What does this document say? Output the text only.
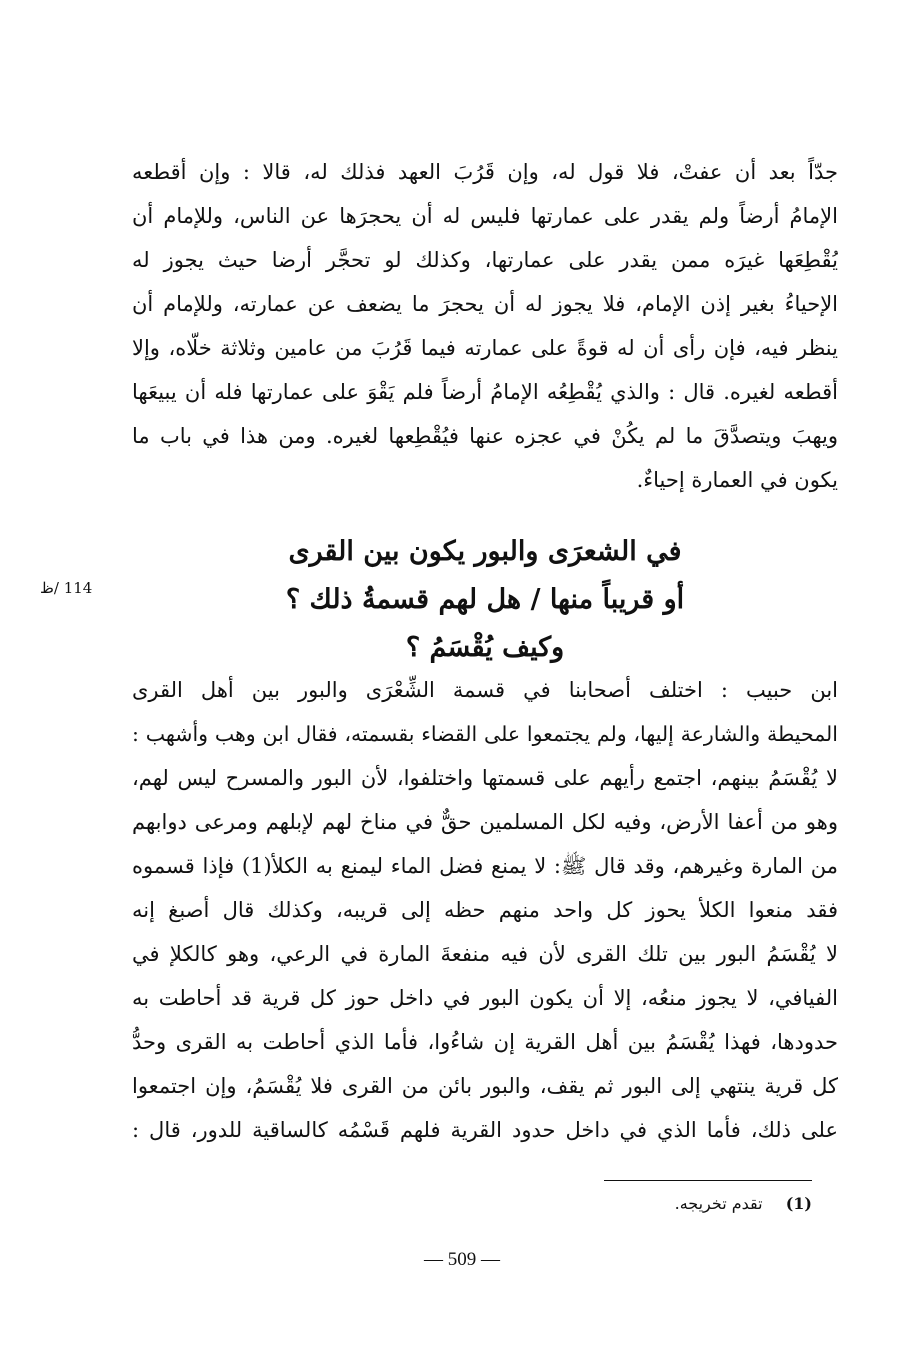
جدّاً بعد أن عفتْ، فلا قول له، وإن قَرُبَ العهد فذلك له، قالا : وإن أقطعه
الإمامُ أرضاً ولم يقدر على عمارتها فليس له أن يحجرَها عن الناس، وللإمام أن
يُقْطِعَها غيرَه ممن يقدر على عمارتها، وكذلك لو تحجَّر أرضا حيث يجوز له
الإحياءُ بغير إذن الإمام، فلا يجوز له أن يحجرَ ما يضعف عن عمارته، وللإمام أن
ينظر فيه، فإن رأى أن له قوةً على عمارته فيما قَرُبَ من عامين وثلاثة خلّاه، وإلا
أقطعه لغيره. قال : والذي يُقْطِعُه الإمامُ أرضاً فلم يَقْوَ على عمارتها فله أن يبيعَها
ويهبَ ويتصدَّقَ ما لم يكُنْ في عجزه عنها فيُقْطِعها لغيره. ومن هذا في باب ما
يكون في العمارة إحياءٌ.
في الشعرَى والبور يكون بين القرى
أو قريباً منها / هل لهم قسمةُ ذلك ؟
وكيف يُقْسَمُ ؟
114 /ظ
ابن حبيب : اختلف أصحابنا في قسمة الشِّعْرَى والبور بين أهل القرى
المحيطة والشارعة إليها، ولم يجتمعوا على القضاء بقسمته، فقال ابن وهب وأشهب :
لا يُقْسَمُ بينهم، اجتمع رأيهم على قسمتها واختلفوا، لأن البور والمسرح ليس لهم،
وهو من أعفا الأرض، وفيه لكل المسلمين حقٌّ في مناخ لهم لإبلهم ومرعى دوابهم
من المارة وغيرهم، وقد قال ﷺ: لا يمنع فضل الماء ليمنع به الكلأ(1) فإذا قسموه
فقد منعوا الكلأ يحوز كل واحد منهم حظه إلى قريبه، وكذلك قال أصبغ إنه
لا يُقْسَمُ البور بين تلك القرى لأن فيه منفعةَ المارة في الرعي، وهو كالكلإ في
الفيافي، لا يجوز منعُه، إلا أن يكون البور في داخل حوز كل قرية قد أحاطت به
حدودها، فهذا يُقْسَمُ بين أهل القرية إن شاءُوا، فأما الذي أحاطت به القرى وحدُّ
كل قرية ينتهي إلى البور ثم يقف، والبور بائن من القرى فلا يُقْسَمُ، وإن اجتمعوا
على ذلك، فأما الذي في داخل حدود القرية فلهم قَسْمُه كالساقية للدور، قال :
(1) تقدم تخريجه.
— 509 —
